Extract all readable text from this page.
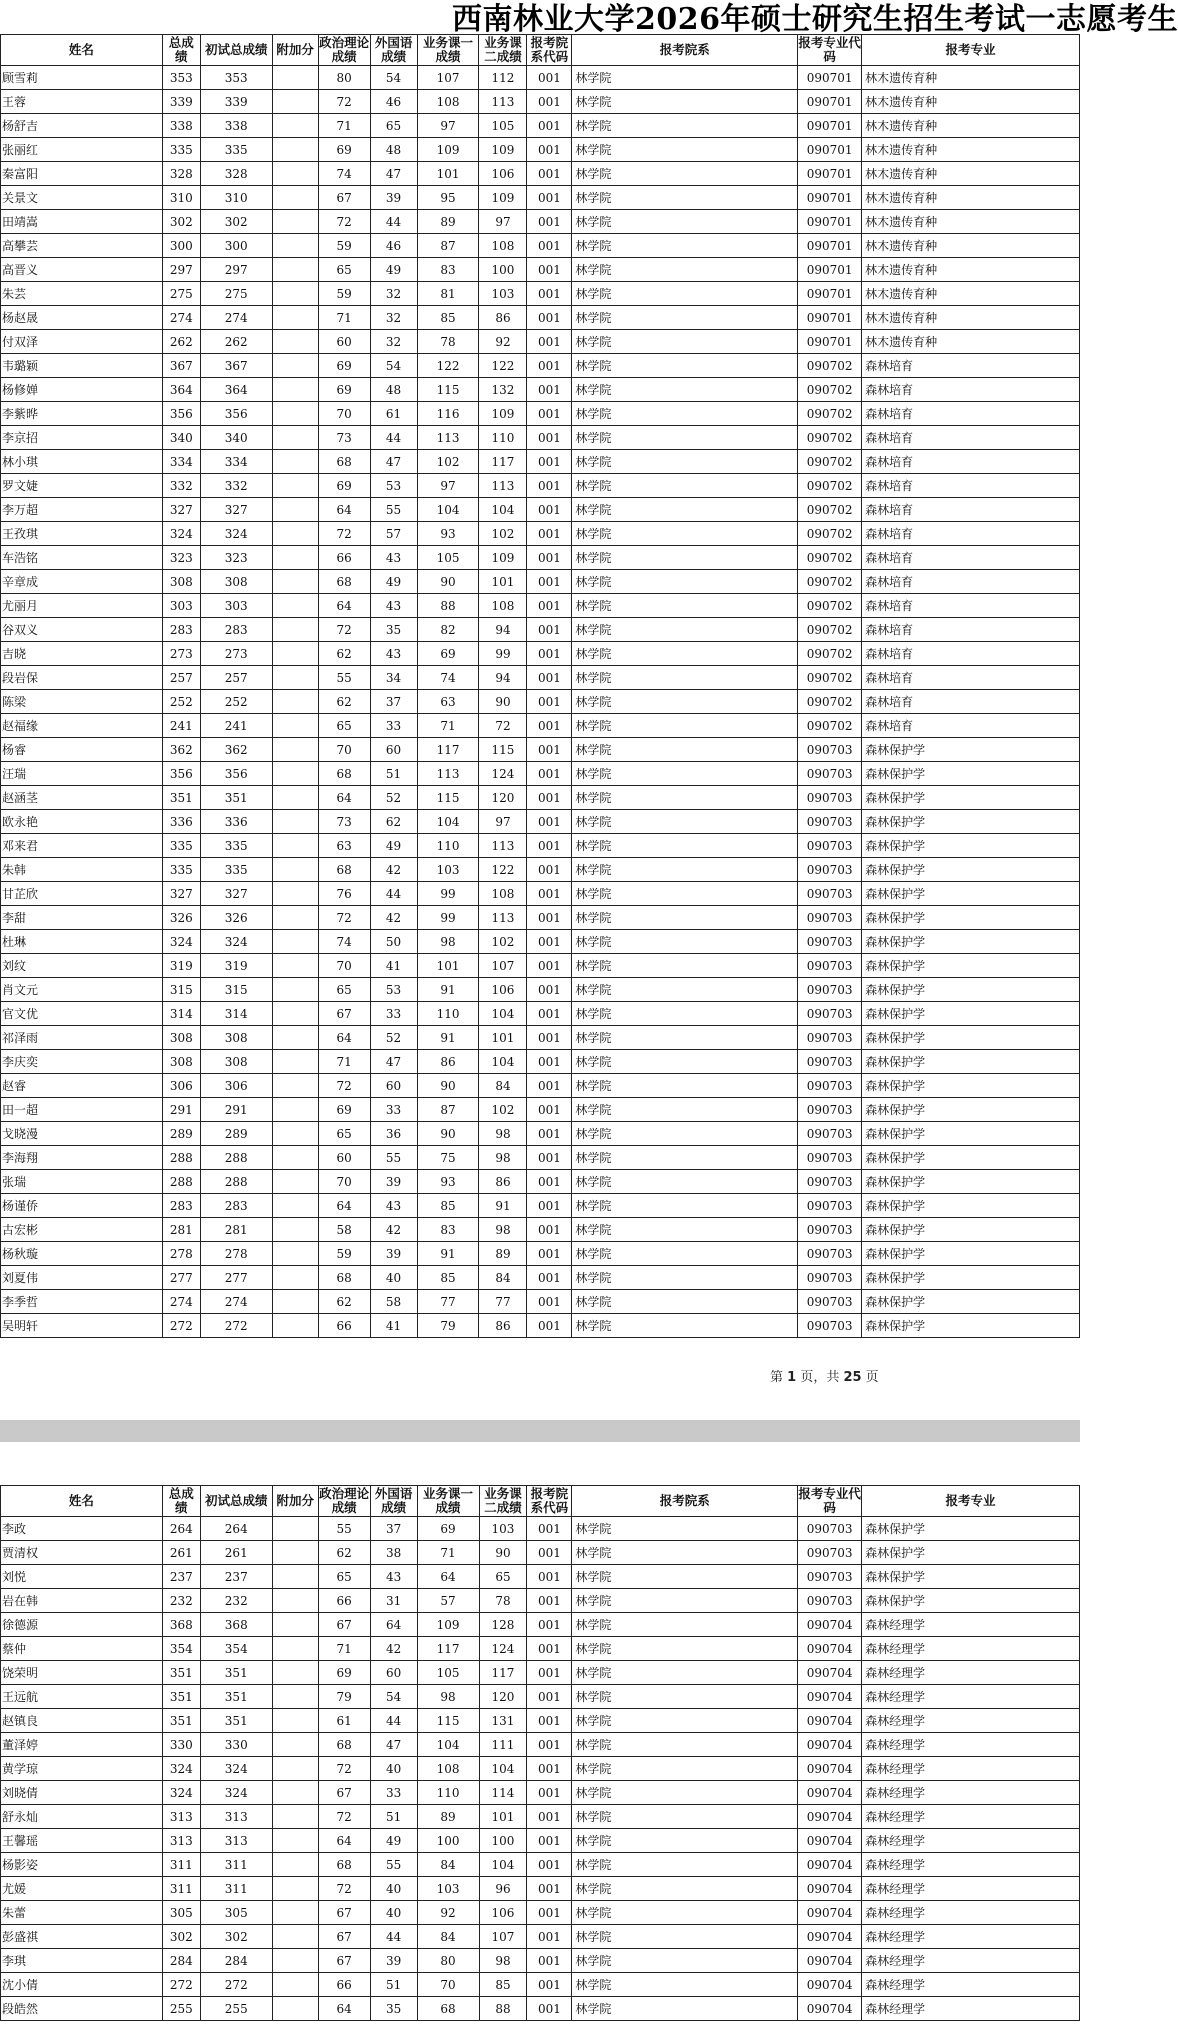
西南林业大学2026年硕士研究生招生考试一志愿考生
姓名	总成绩	初试总成绩	附加分	政治理论成绩	外国语成绩	业务课一成绩	业务课二成绩	报考院系代码	报考院系	报考专业代码	报考专业
顾雪莉	353	353		80	54	107	112	001	林学院	090701	林木遗传育种
王蓉	339	339		72	46	108	113	001	林学院	090701	林木遗传育种
杨舒吉	338	338		71	65	97	105	001	林学院	090701	林木遗传育种
张丽红	335	335		69	48	109	109	001	林学院	090701	林木遗传育种
秦富阳	328	328		74	47	101	106	001	林学院	090701	林木遗传育种
关景文	310	310		67	39	95	109	001	林学院	090701	林木遗传育种
田靖嵩	302	302		72	44	89	97	001	林学院	090701	林木遗传育种
高攀芸	300	300		59	46	87	108	001	林学院	090701	林木遗传育种
高晋义	297	297		65	49	83	100	001	林学院	090701	林木遗传育种
朱芸	275	275		59	32	81	103	001	林学院	090701	林木遗传育种
杨赵晟	274	274		71	32	85	86	001	林学院	090701	林木遗传育种
付双泽	262	262		60	32	78	92	001	林学院	090701	林木遗传育种
韦璐颖	367	367		69	54	122	122	001	林学院	090702	森林培育
杨修婵	364	364		69	48	115	132	001	林学院	090702	森林培育
李紫晔	356	356		70	61	116	109	001	林学院	090702	森林培育
李京招	340	340		73	44	113	110	001	林学院	090702	森林培育
林小琪	334	334		68	47	102	117	001	林学院	090702	森林培育
罗文婕	332	332		69	53	97	113	001	林学院	090702	森林培育
李万超	327	327		64	55	104	104	001	林学院	090702	森林培育
王孜琪	324	324		72	57	93	102	001	林学院	090702	森林培育
车浩铭	323	323		66	43	105	109	001	林学院	090702	森林培育
辛章成	308	308		68	49	90	101	001	林学院	090702	森林培育
尤丽月	303	303		64	43	88	108	001	林学院	090702	森林培育
谷双义	283	283		72	35	82	94	001	林学院	090702	森林培育
吉晓	273	273		62	43	69	99	001	林学院	090702	森林培育
段岩保	257	257		55	34	74	94	001	林学院	090702	森林培育
陈梁	252	252		62	37	63	90	001	林学院	090702	森林培育
赵福缘	241	241		65	33	71	72	001	林学院	090702	森林培育
杨睿	362	362		70	60	117	115	001	林学院	090703	森林保护学
汪瑞	356	356		68	51	113	124	001	林学院	090703	森林保护学
赵涵茎	351	351		64	52	115	120	001	林学院	090703	森林保护学
欧永艳	336	336		73	62	104	97	001	林学院	090703	森林保护学
邓来君	335	335		63	49	110	113	001	林学院	090703	森林保护学
朱韩	335	335		68	42	103	122	001	林学院	090703	森林保护学
甘芷欣	327	327		76	44	99	108	001	林学院	090703	森林保护学
李甜	326	326		72	42	99	113	001	林学院	090703	森林保护学
杜琳	324	324		74	50	98	102	001	林学院	090703	森林保护学
刘纹	319	319		70	41	101	107	001	林学院	090703	森林保护学
肖文元	315	315		65	53	91	106	001	林学院	090703	森林保护学
官文优	314	314		67	33	110	104	001	林学院	090703	森林保护学
祁泽雨	308	308		64	52	91	101	001	林学院	090703	森林保护学
李庆奕	308	308		71	47	86	104	001	林学院	090703	森林保护学
赵睿	306	306		72	60	90	84	001	林学院	090703	森林保护学
田一超	291	291		69	33	87	102	001	林学院	090703	森林保护学
戈晓漫	289	289		65	36	90	98	001	林学院	090703	森林保护学
李海翔	288	288		60	55	75	98	001	林学院	090703	森林保护学
张瑞	288	288		70	39	93	86	001	林学院	090703	森林保护学
杨谨侨	283	283		64	43	85	91	001	林学院	090703	森林保护学
古宏彬	281	281		58	42	83	98	001	林学院	090703	森林保护学
杨秋璇	278	278		59	39	91	89	001	林学院	090703	森林保护学
刘夏伟	277	277		68	40	85	84	001	林学院	090703	森林保护学
李季哲	274	274		62	58	77	77	001	林学院	090703	森林保护学
吴明轩	272	272		66	41	79	86	001	林学院	090703	森林保护学
第 1 页，共 25 页
姓名	总成绩	初试总成绩	附加分	政治理论成绩	外国语成绩	业务课一成绩	业务课二成绩	报考院系代码	报考院系	报考专业代码	报考专业
李政	264	264		55	37	69	103	001	林学院	090703	森林保护学
贾清权	261	261		62	38	71	90	001	林学院	090703	森林保护学
刘悦	237	237		65	43	64	65	001	林学院	090703	森林保护学
岩在韩	232	232		66	31	57	78	001	林学院	090703	森林保护学
徐德源	368	368		67	64	109	128	001	林学院	090704	森林经理学
蔡仲	354	354		71	42	117	124	001	林学院	090704	森林经理学
饶荣明	351	351		69	60	105	117	001	林学院	090704	森林经理学
王远航	351	351		79	54	98	120	001	林学院	090704	森林经理学
赵镇良	351	351		61	44	115	131	001	林学院	090704	森林经理学
董泽婷	330	330		68	47	104	111	001	林学院	090704	森林经理学
黄学琼	324	324		72	40	108	104	001	林学院	090704	森林经理学
刘晓倩	324	324		67	33	110	114	001	林学院	090704	森林经理学
舒永灿	313	313		72	51	89	101	001	林学院	090704	森林经理学
王馨瑶	313	313		64	49	100	100	001	林学院	090704	森林经理学
杨影姿	311	311		68	55	84	104	001	林学院	090704	森林经理学
尤媛	311	311		72	40	103	96	001	林学院	090704	森林经理学
朱蕾	305	305		67	40	92	106	001	林学院	090704	森林经理学
彭盛祺	302	302		67	44	84	107	001	林学院	090704	森林经理学
李琪	284	284		67	39	80	98	001	林学院	090704	森林经理学
沈小倩	272	272		66	51	70	85	001	林学院	090704	森林经理学
段皓然	255	255		64	35	68	88	001	林学院	090704	森林经理学
